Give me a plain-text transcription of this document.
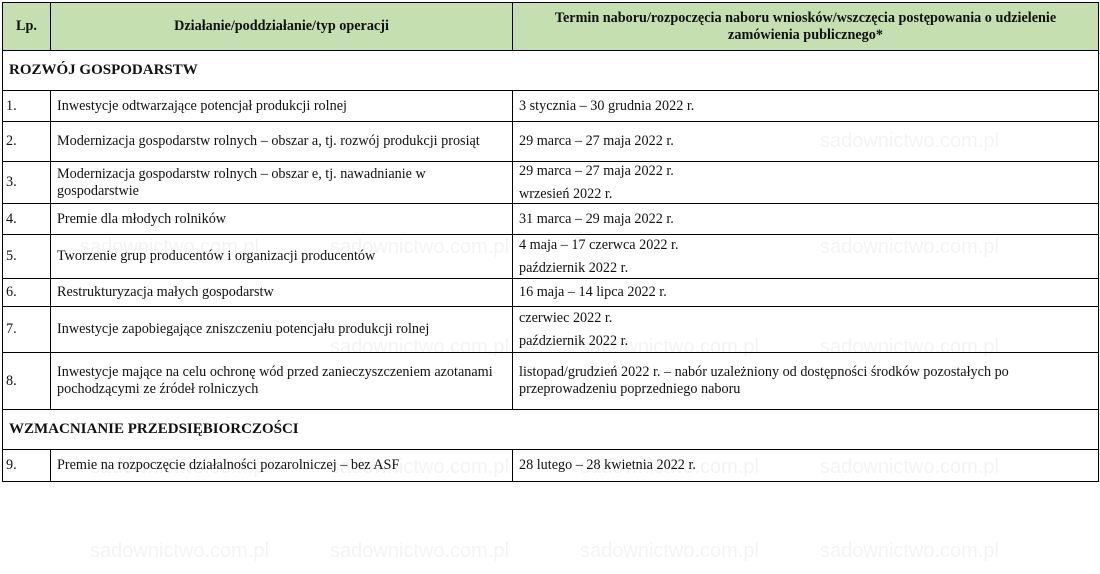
Lp.	Działanie/poddziałanie/typ operacji	Termin naboru/rozpoczęcia naboru wniosków/wszczęcia postępowania o udzielenie zamówienia publicznego*
ROZWÓJ GOSPODARSTW		
1.	Inwestycje odtwarzające potencjał produkcji rolnej	3 stycznia – 30 grudnia 2022 r.

2.	Modernizacja gospodarstw rolnych – obszar a, tj. rozwój produkcji prosiąt	29 marca – 27 maja 2022 r.

3.	Modernizacja gospodarstw rolnych – obszar e, tj. nawadnianie w gospodarstwie	29 marca – 27 maja 2022 r.
wrzesień 2022 r.

4.	Premie dla młodych rolników	31 marca – 29 maja 2022 r.

5.	Tworzenie grup producentów i organizacji producentów	4 maja – 17 czerwca 2022 r.
październik 2022 r.

6.	Restrukturyzacja małych gospodarstw	16 maja – 14 lipca 2022 r.

7.	Inwestycje zapobiegające zniszczeniu potencjału produkcji rolnej	czerwiec 2022 r.
październik 2022 r.

8.	Inwestycje mające na celu ochronę wód przed zanieczyszczeniem azotanami pochodzącymi ze źródeł rolniczych	listopad/grudzień 2022 r. – nabór uzależniony od dostępności środków pozostałych po przeprowadzeniu poprzedniego naboru

WZMACNIANIE PRZEDSIĘBIORCZOŚCI		
9.	Premie na rozpoczęcie działalności pozarolniczej – bez ASF	28 lutego – 28 kwietnia 2022 r.
